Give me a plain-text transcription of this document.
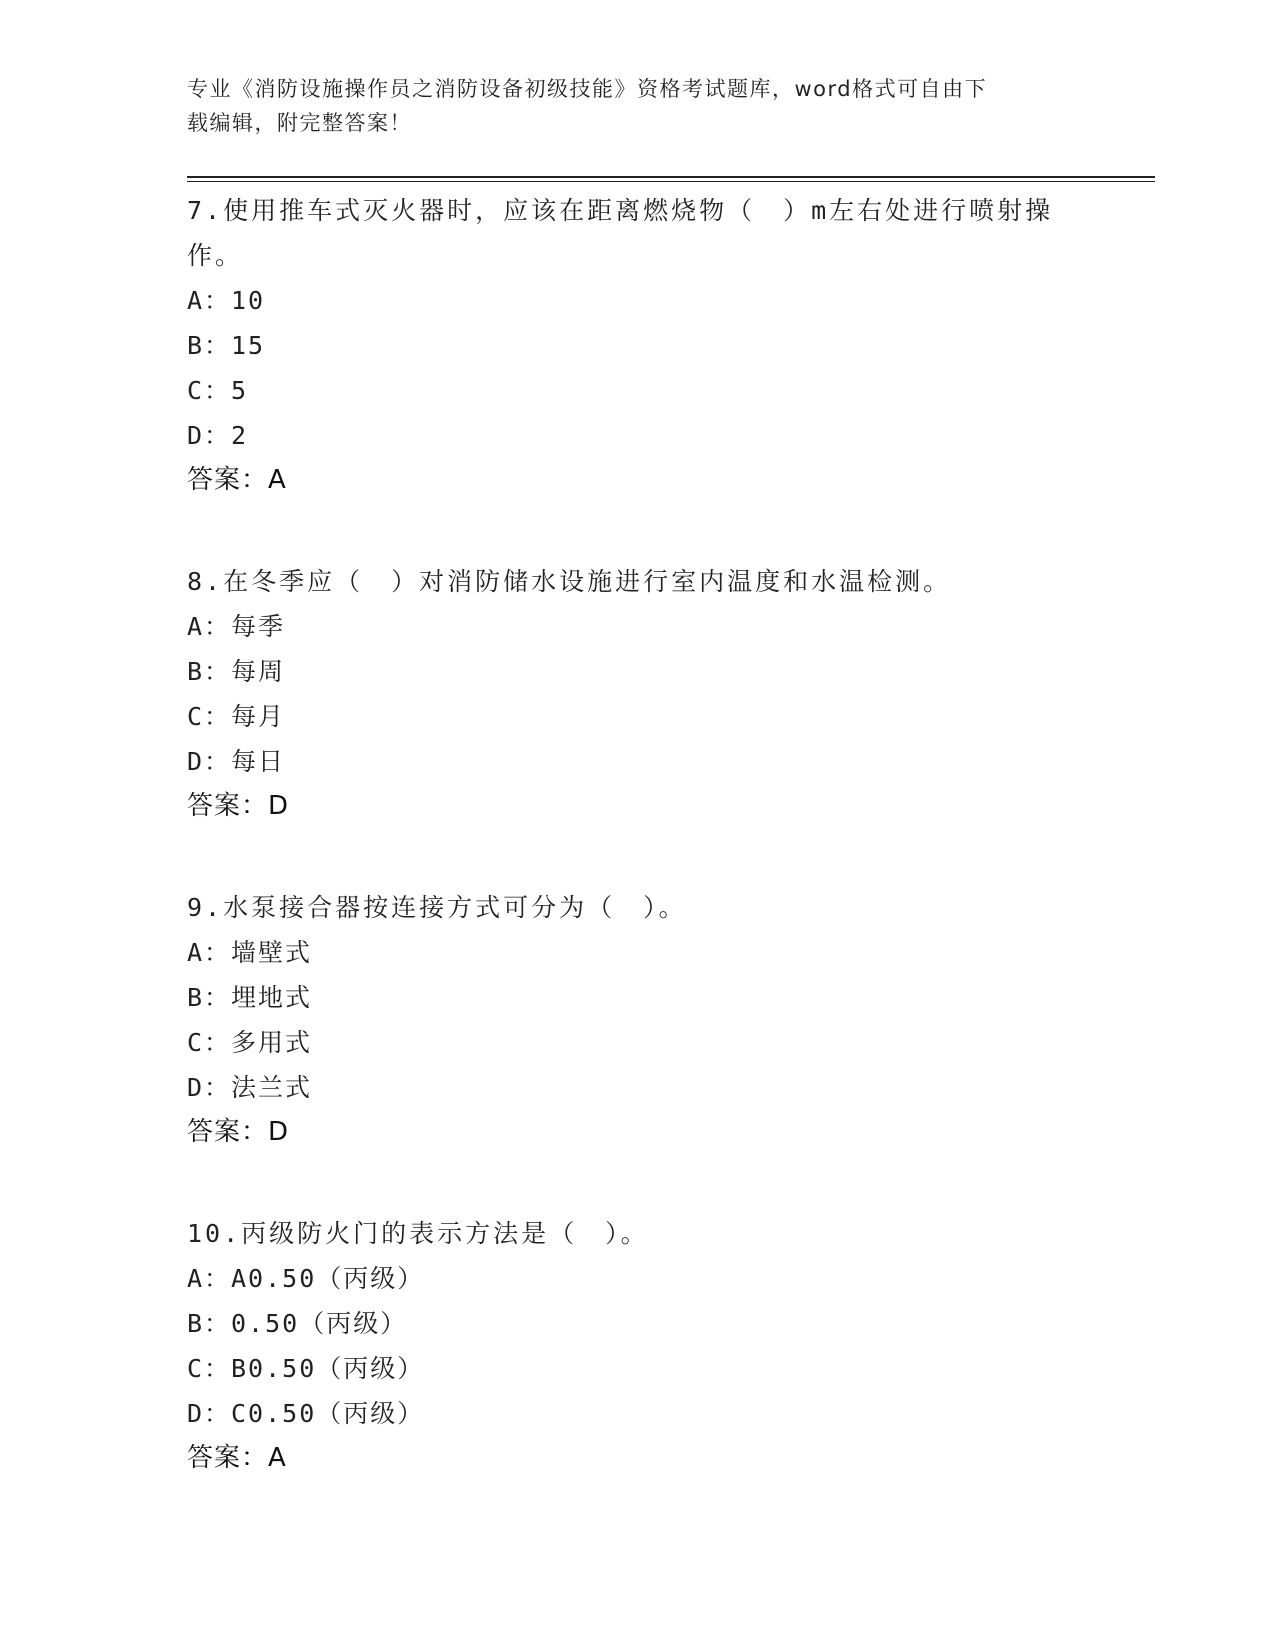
专业《消防设施操作员之消防设备初级技能》资格考试题库，word格式可自由下
载编辑，附完整答案！
7.使用推车式灭火器时，应该在距离燃烧物（　）m左右处进行喷射操作。
A：10
B：15
C：5
D：2
答案：A
8.在冬季应（　）对消防储水设施进行室内温度和水温检测。
A：每季
B：每周
C：每月
D：每日
答案：D
9.水泵接合器按连接方式可分为（　）。
A：墙壁式
B：埋地式
C：多用式
D：法兰式
答案：D
10.丙级防火门的表示方法是（　）。
A：A0.50（丙级）
B：0.50（丙级）
C：B0.50（丙级）
D：C0.50（丙级）
答案：A
